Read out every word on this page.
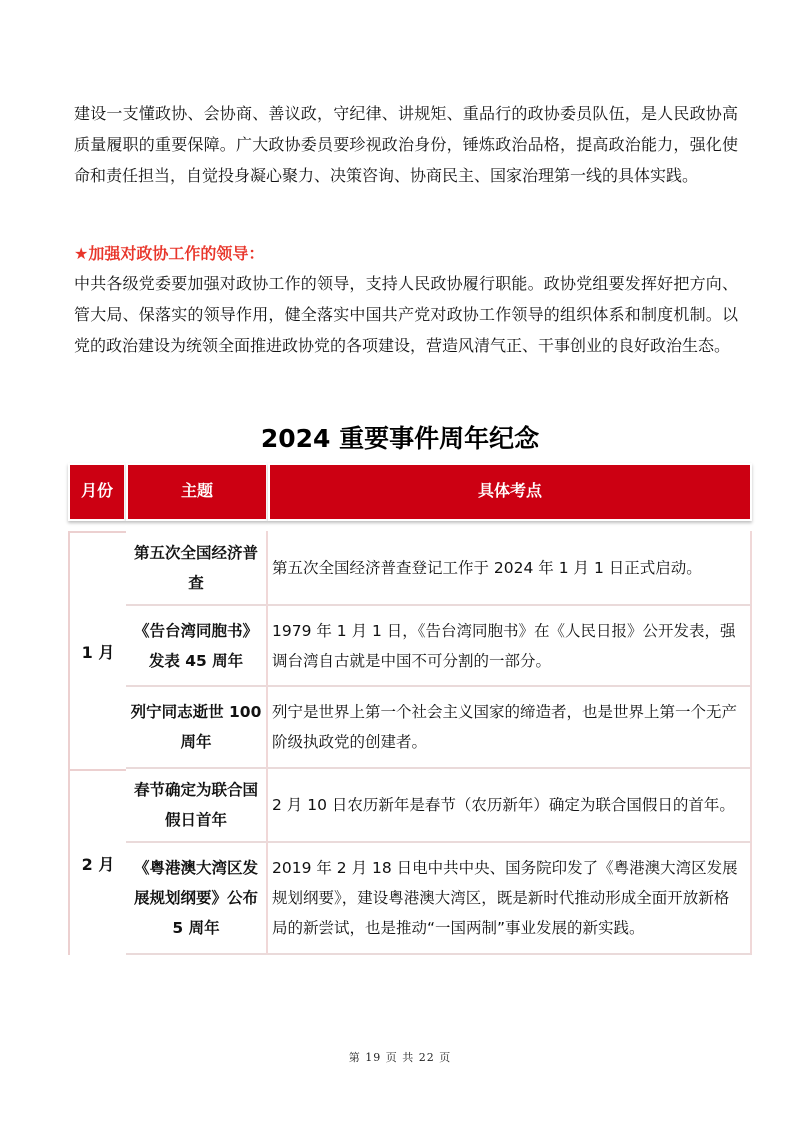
建设一支懂政协、会协商、善议政，守纪律、讲规矩、重品行的政协委员队伍，是人民政协高质量履职的重要保障。广大政协委员要珍视政治身份，锤炼政治品格，提高政治能力，强化使命和责任担当，自觉投身凝心聚力、决策咨询、协商民主、国家治理第一线的具体实践。

★加强对政协工作的领导：

中共各级党委要加强对政协工作的领导，支持人民政协履行职能。政协党组要发挥好把方向、管大局、保落实的领导作用，健全落实中国共产党对政协工作领导的组织体系和制度机制。以党的政治建设为统领全面推进政协党的各项建设，营造风清气正、干事创业的良好政治生态。

2024 重要事件周年纪念
月份	主题	具体考点
1 月
2 月
第五次全国经济普查
第五次全国经济普查登记工作于 2024 年 1 月 1 日正式启动。
《告台湾同胞书》发表 45 周年
1979 年 1 月 1 日，《告台湾同胞书》在《人民日报》公开发表，强调台湾自古就是中国不可分割的一部分。
列宁同志逝世 100 周年
列宁是世界上第一个社会主义国家的缔造者，也是世界上第一个无产阶级执政党的创建者。
春节确定为联合国假日首年
2 月 10 日农历新年是春节（农历新年）确定为联合国假日的首年。
《粤港澳大湾区发展规划纲要》公布 5 周年
2019 年 2 月 18 日电中共中央、国务院印发了《粤港澳大湾区发展规划纲要》，建设粤港澳大湾区，既是新时代推动形成全面开放新格局的新尝试，也是推动“一国两制”事业发展的新实践。
第 19 页 共 22 页
